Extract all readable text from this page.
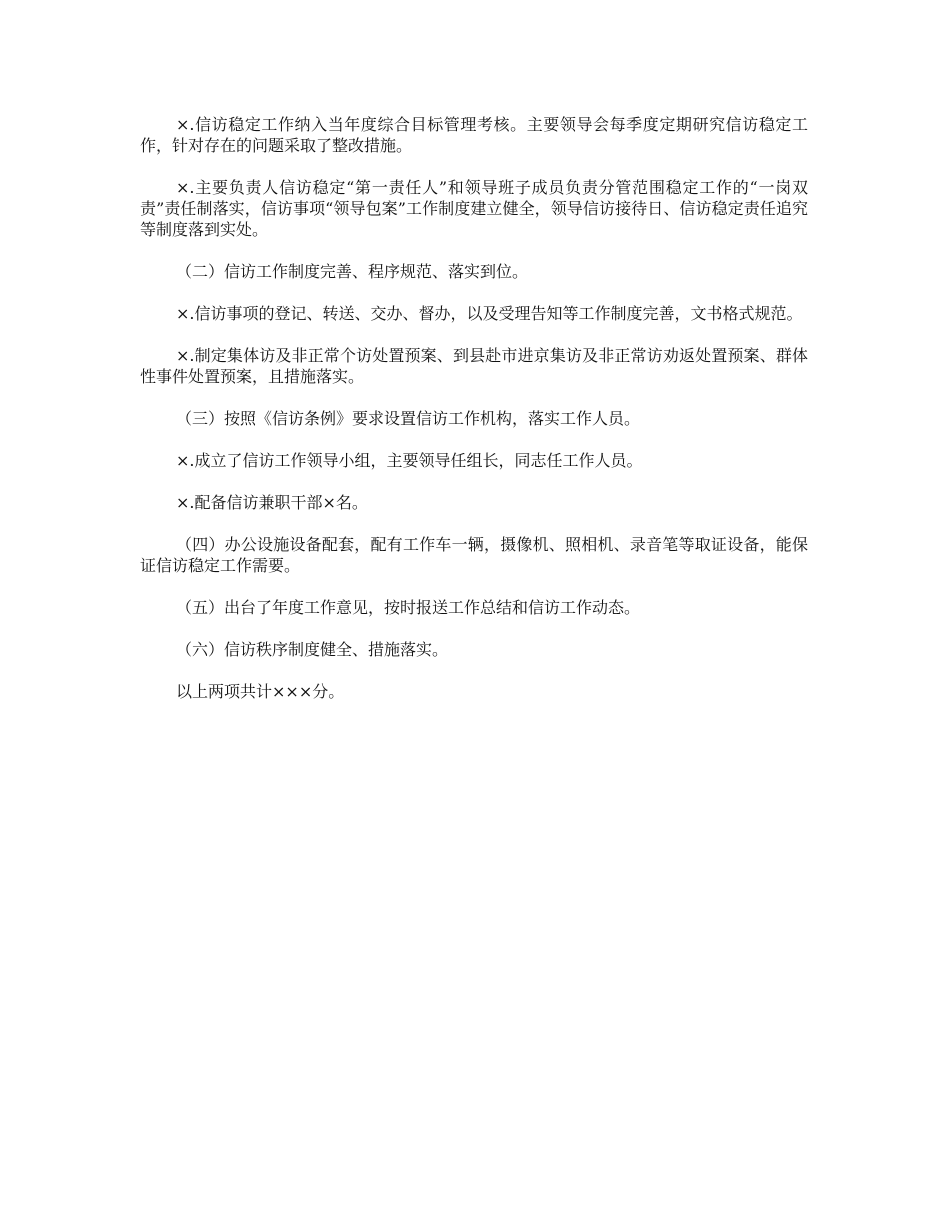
×.信访稳定工作纳入当年度综合目标管理考核。主要领导会每季度定期研究信访稳定工作，针对存在的问题采取了整改措施。

×.主要负责人信访稳定“第一责任人”和领导班子成员负责分管范围稳定工作的“一岗双责”责任制落实，信访事项“领导包案”工作制度建立健全，领导信访接待日、信访稳定责任追究等制度落到实处。

（二）信访工作制度完善、程序规范、落实到位。

×.信访事项的登记、转送、交办、督办，以及受理告知等工作制度完善，文书格式规范。

×.制定集体访及非正常个访处置预案、到县赴市进京集访及非正常访劝返处置预案、群体性事件处置预案，且措施落实。

（三）按照《信访条例》要求设置信访工作机构，落实工作人员。

×.成立了信访工作领导小组，主要领导任组长，同志任工作人员。

×.配备信访兼职干部×名。

（四）办公设施设备配套，配有工作车一辆，摄像机、照相机、录音笔等取证设备，能保证信访稳定工作需要。

（五）出台了年度工作意见，按时报送工作总结和信访工作动态。

（六）信访秩序制度健全、措施落实。

以上两项共计×××分。
